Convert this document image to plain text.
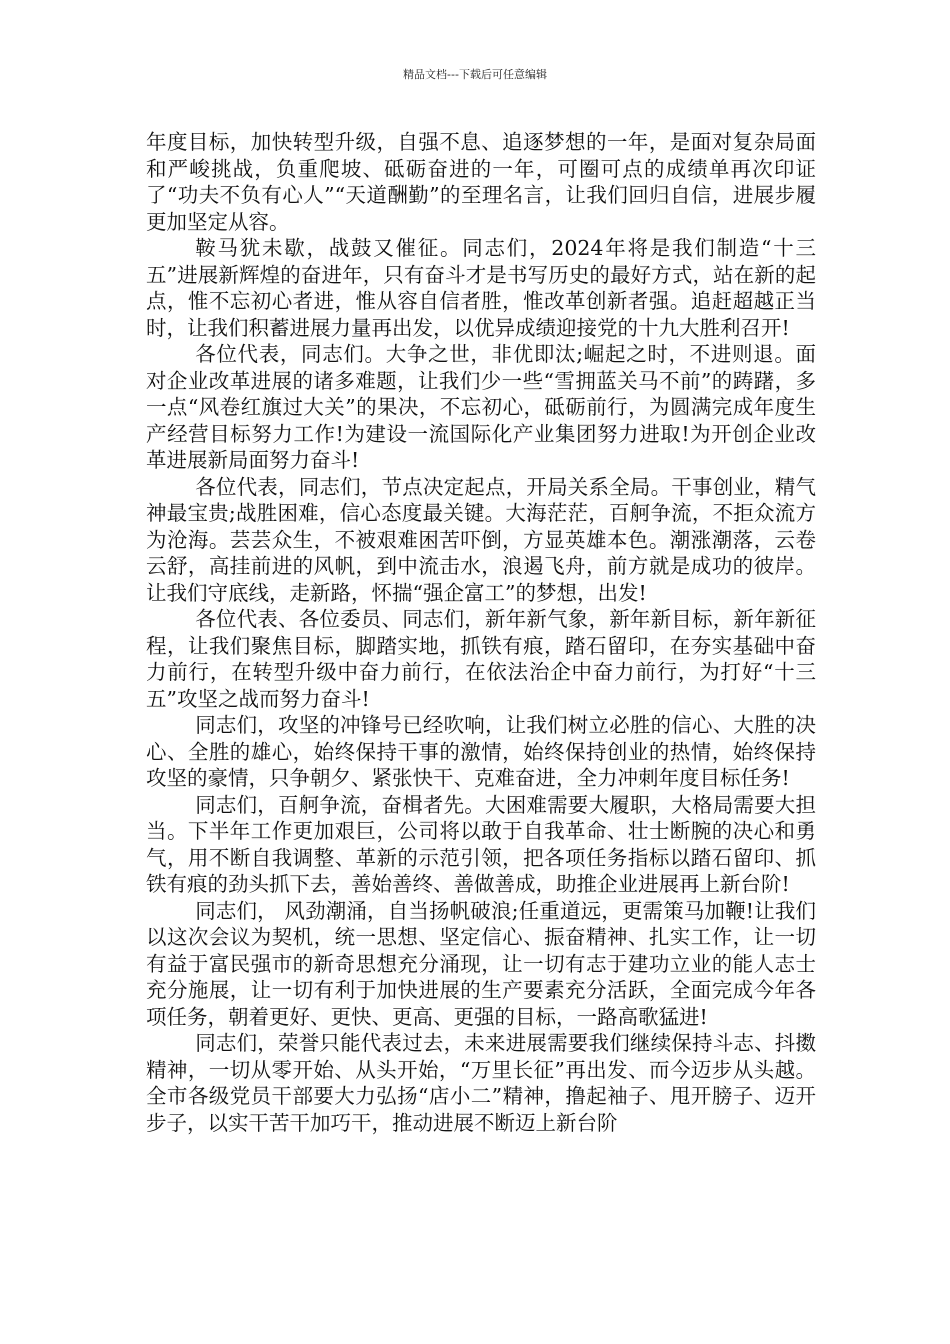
精品文档---下载后可任意编辑

年度目标，加快转型升级，自强不息、追逐梦想的一年，是面对复杂局面和严峻挑战，负重爬坡、砥砺奋进的一年，可圈可点的成绩单再次印证了“功夫不负有心人”“天道酬勤”的至理名言，让我们回归自信，进展步履更加坚定从容。

鞍马犹未歇，战鼓又催征。同志们，2024年将是我们制造“十三五”进展新辉煌的奋进年，只有奋斗才是书写历史的最好方式，站在新的起点，惟不忘初心者进，惟从容自信者胜，惟改革创新者强。追赶超越正当时，让我们积蓄进展力量再出发，以优异成绩迎接党的十九大胜利召开!

各位代表，同志们。大争之世，非优即汰;崛起之时，不进则退。面对企业改革进展的诸多难题，让我们少一些“雪拥蓝关马不前”的踌躇，多一点“风卷红旗过大关”的果决，不忘初心，砥砺前行，为圆满完成年度生产经营目标努力工作!为建设一流国际化产业集团努力进取!为开创企业改革进展新局面努力奋斗!

各位代表，同志们，节点决定起点，开局关系全局。干事创业，精气神最宝贵;战胜困难，信心态度最关键。大海茫茫，百舸争流，不拒众流方为沧海。芸芸众生，不被艰难困苦吓倒，方显英雄本色。潮涨潮落，云卷云舒，高挂前进的风帆，到中流击水，浪遏飞舟，前方就是成功的彼岸。让我们守底线，走新路，怀揣“强企富工”的梦想，出发!

各位代表、各位委员、同志们，新年新气象，新年新目标，新年新征程，让我们聚焦目标，脚踏实地，抓铁有痕，踏石留印，在夯实基础中奋力前行，在转型升级中奋力前行，在依法治企中奋力前行，为打好“十三五”攻坚之战而努力奋斗!

同志们，攻坚的冲锋号已经吹响，让我们树立必胜的信心、大胜的决心、全胜的雄心，始终保持干事的激情，始终保持创业的热情，始终保持攻坚的豪情，只争朝夕、紧张快干、克难奋进，全力冲刺年度目标任务!

同志们，百舸争流，奋楫者先。大困难需要大履职，大格局需要大担当。下半年工作更加艰巨，公司将以敢于自我革命、壮士断腕的决心和勇气，用不断自我调整、革新的示范引领，把各项任务指标以踏石留印、抓铁有痕的劲头抓下去，善始善终、善做善成，助推企业进展再上新台阶!

同志们， 风劲潮涌，自当扬帆破浪;任重道远，更需策马加鞭!让我们以这次会议为契机，统一思想、坚定信心、振奋精神、扎实工作，让一切有益于富民强市的新奇思想充分涌现，让一切有志于建功立业的能人志士充分施展，让一切有利于加快进展的生产要素充分活跃，全面完成今年各项任务，朝着更好、更快、更高、更强的目标，一路高歌猛进!

同志们，荣誉只能代表过去，未来进展需要我们继续保持斗志、抖擞精神，一切从零开始、从头开始，“万里长征”再出发、而今迈步从头越。全市各级党员干部要大力弘扬“店小二”精神，撸起袖子、甩开膀子、迈开步子，以实干苦干加巧干，推动进展不断迈上新台阶
